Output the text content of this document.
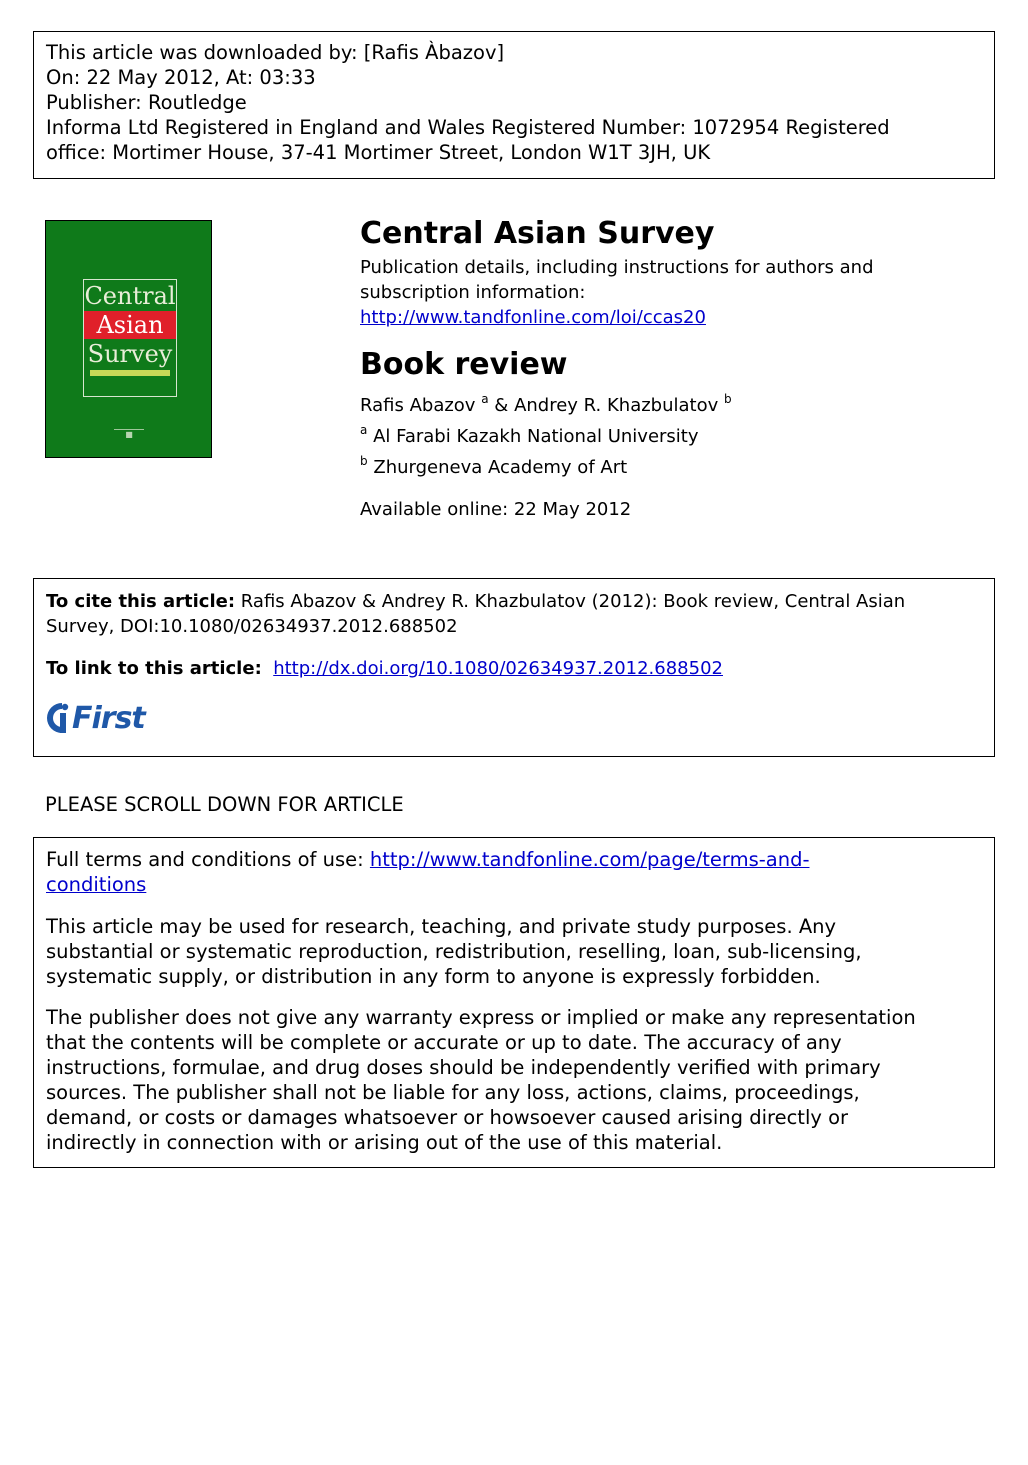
This article was downloaded by: [Rafis Àbazov]
On: 22 May 2012, At: 03:33
Publisher: Routledge
Informa Ltd Registered in England and Wales Registered Number: 1072954 Registered
office: Mortimer House, 37-41 Mortimer Street, London W1T 3JH, UK
Central
Asian
Survey
■
Central Asian Survey
Publication details, including instructions for authors and
subscription information:
http://www.tandfonline.com/loi/ccas20
Book review
Rafis Abazov $^a$ & Andrey R. Khazbulatov $^b$
$^a$ Al Farabi Kazakh National University
$^b$ Zhurgeneva Academy of Art
Available online: 22 May 2012
To cite this article: Rafis Abazov & Andrey R. Khazbulatov (2012): Book review, Central Asian
Survey, DOI:10.1080/02634937.2012.688502
To link to this article: http://dx.doi.org/10.1080/02634937.2012.688502
First
PLEASE SCROLL DOWN FOR ARTICLE
Full terms and conditions of use: http://www.tandfonline.com/page/terms-and-
conditions
This article may be used for research, teaching, and private study purposes. Any
substantial or systematic reproduction, redistribution, reselling, loan, sub-licensing,
systematic supply, or distribution in any form to anyone is expressly forbidden.
The publisher does not give any warranty express or implied or make any representation
that the contents will be complete or accurate or up to date. The accuracy of any
instructions, formulae, and drug doses should be independently verified with primary
sources. The publisher shall not be liable for any loss, actions, claims, proceedings,
demand, or costs or damages whatsoever or howsoever caused arising directly or
indirectly in connection with or arising out of the use of this material.
